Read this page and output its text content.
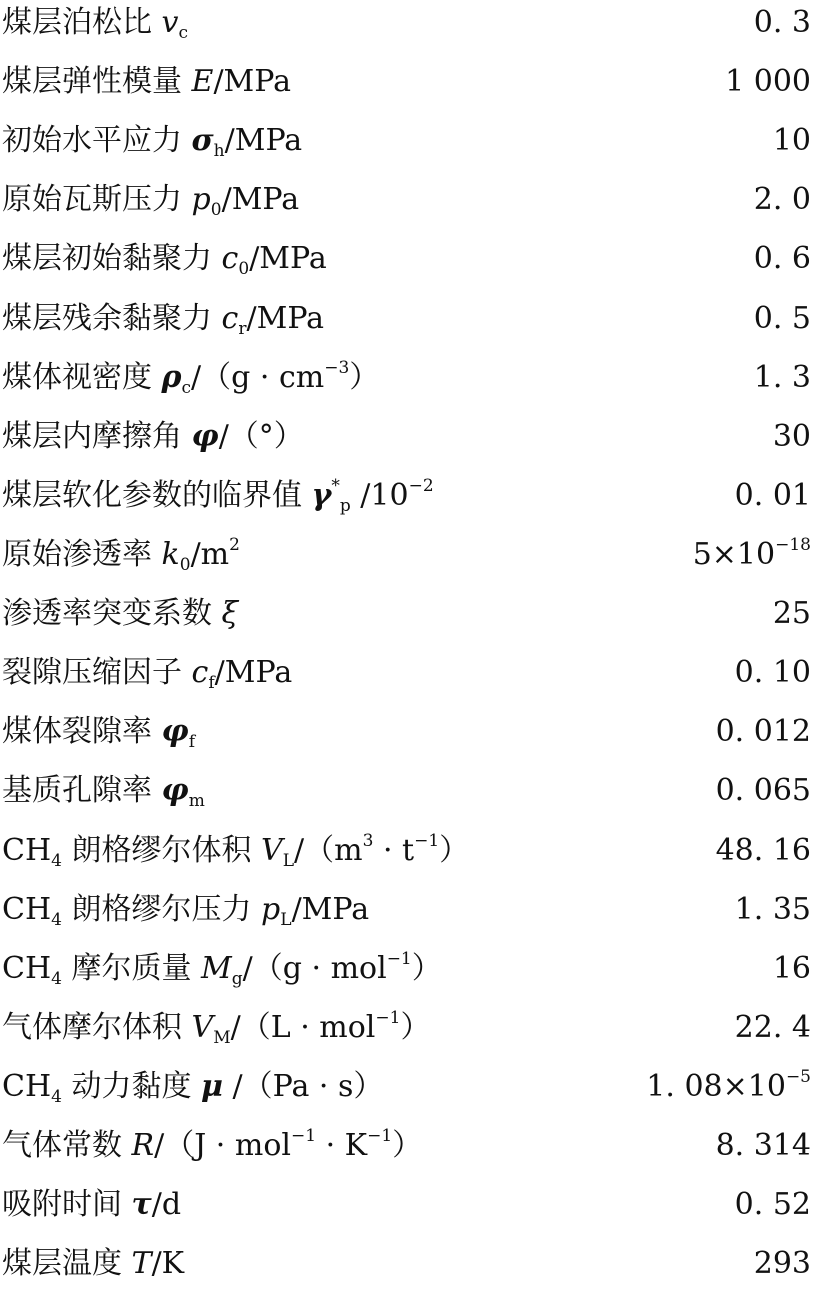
煤层泊松比 $v_c$	0. 3
煤层弹性模量 E/MPa	1 000
初始水平应力 $\sigma_h$/MPa	10
原始瓦斯压力 $p_0$/MPa	2. 0
煤层初始黏聚力 $c_0$/MPa	0. 6
煤层残余黏聚力 $c_r$/MPa	0. 5
煤体视密度 $\rho_c/(g \cdot cm^{-3})$	1. 3
煤层内摩擦角 φ/（°）	30
煤层软化参数的临界值 $\gamma^*_p$ $/10^{-2}$	0. 01
原始渗透率 $k_0/m^2$	$5\times 10^{-18}$
渗透率突变系数 ξ	25
裂隙压缩因子 $c_f$/MPa	0. 10
煤体裂隙率 $\varphi_f$	0. 012
基质孔隙率 $\varphi_m$	0. 065
$CH_4$ 朗格缪尔体积 $V_L/(m^3 \cdot t^{-1})$	48. 16
$CH_4$ 朗格缪尔压力 $p_L$/MPa	1. 35
$CH_4$ 摩尔质量 $M_g/(g \cdot mol^{-1})$	16
气体摩尔体积 $V_M/(L \cdot mol^{-1})$	22. 4
$CH_4$ 动力黏度 μ /（Pa · s）	1. $08\times 10^{-5}$
气体常数 $R/(J \cdot mol^{-1} \cdot K^{-1})$	8. 314
吸附时间 τ/d	0. 52
煤层温度 T/K	293
